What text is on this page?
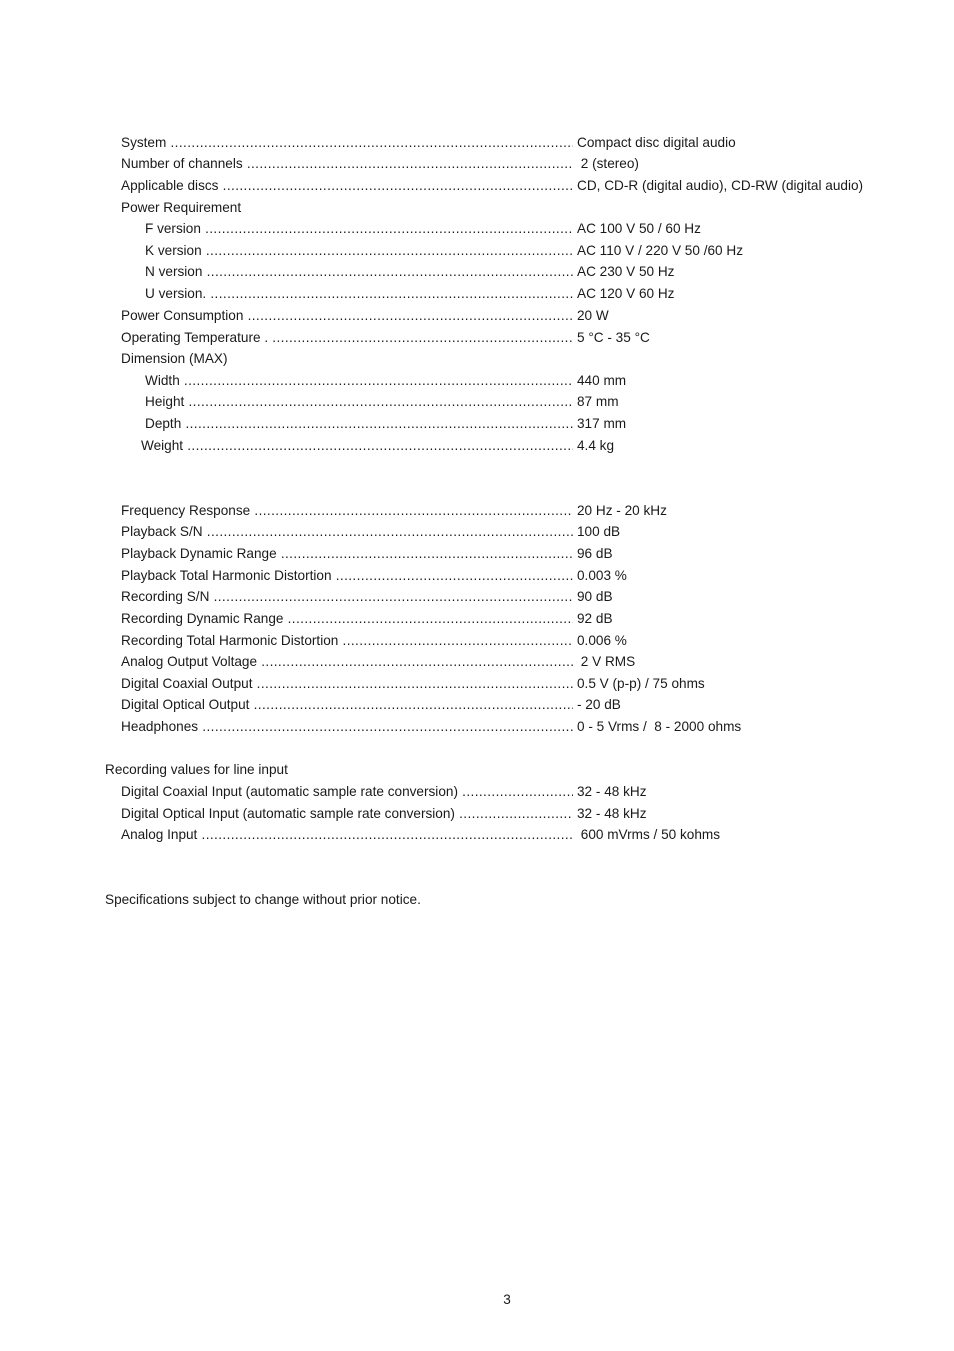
System .....	Compact disc digital audio
Number of channels .....	2 (stereo)
Applicable discs .....	CD, CD-R (digital audio), CD-RW (digital audio)
Power Requirement
F version .....	AC 100 V 50 / 60 Hz
K version .....	AC 110 V / 220 V 50 /60 Hz
N version .....	AC 230 V 50 Hz
U version. .....	AC 120 V 60 Hz
Power Consumption .....	20 W
Operating Temperature . .....	5 °C - 35 °C
Dimension (MAX)
Width .....	440 mm
Height .....	87 mm
Depth .....	317 mm
Weight .....	4.4 kg
Frequency Response .....	20 Hz - 20 kHz
Playback S/N .....	100 dB
Playback Dynamic Range .....	96 dB
Playback Total Harmonic Distortion .....	0.003 %
Recording S/N .....	90 dB
Recording Dynamic Range .....	92 dB
Recording Total Harmonic Distortion .....	0.006 %
Analog Output Voltage .....	2 V RMS
Digital Coaxial Output .....	0.5 V (p-p) / 75 ohms
Digital Optical Output .....	- 20 dB
Headphones .....	0 - 5 Vrms /  8 - 2000 ohms
Recording values for line input
Digital Coaxial Input (automatic sample rate conversion) .....	32 - 48 kHz
Digital Optical Input (automatic sample rate conversion) .....	32 - 48 kHz
Analog Input .....	600 mVrms / 50 kohms
Specifications subject to change without prior notice.
3
